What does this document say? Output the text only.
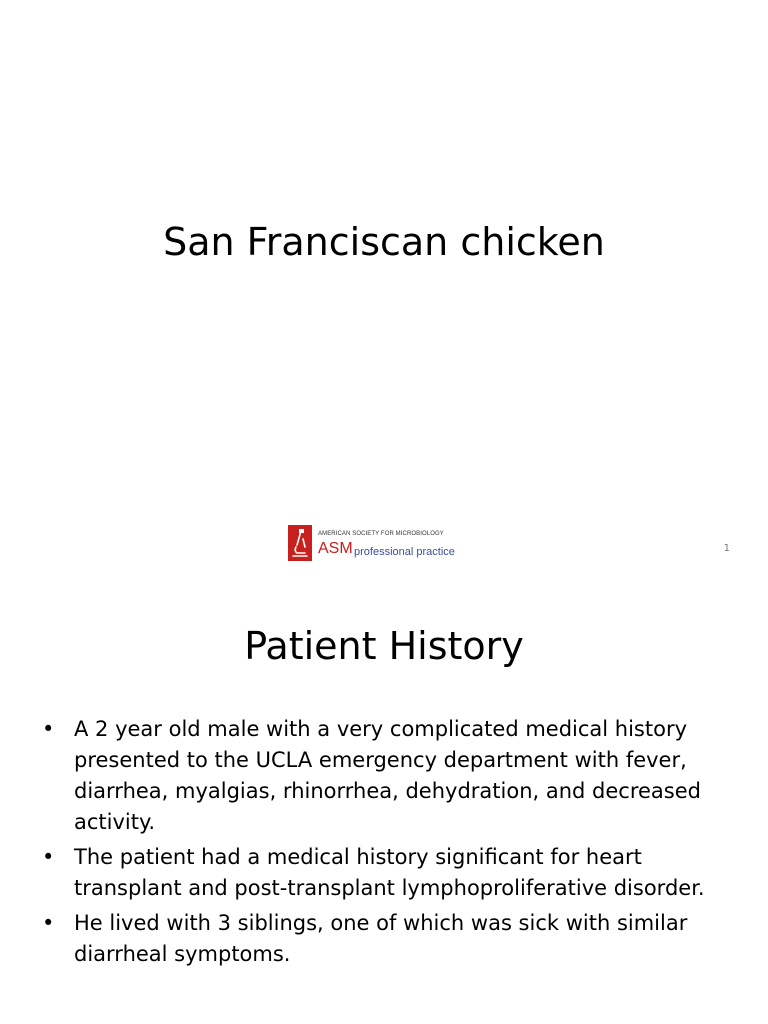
San Franciscan chicken
AMERICAN SOCIETY FOR MICROBIOLOGY
ASM professional practice	1
Patient History
• A 2 year old male with a very complicated medical history presented to the UCLA emergency department with fever, diarrhea, myalgias, rhinorrhea, dehydration, and decreased activity.
• The patient had a medical history significant for heart transplant and post-transplant lymphoproliferative disorder.
• He lived with 3 siblings, one of which was sick with similar diarrheal symptoms.
